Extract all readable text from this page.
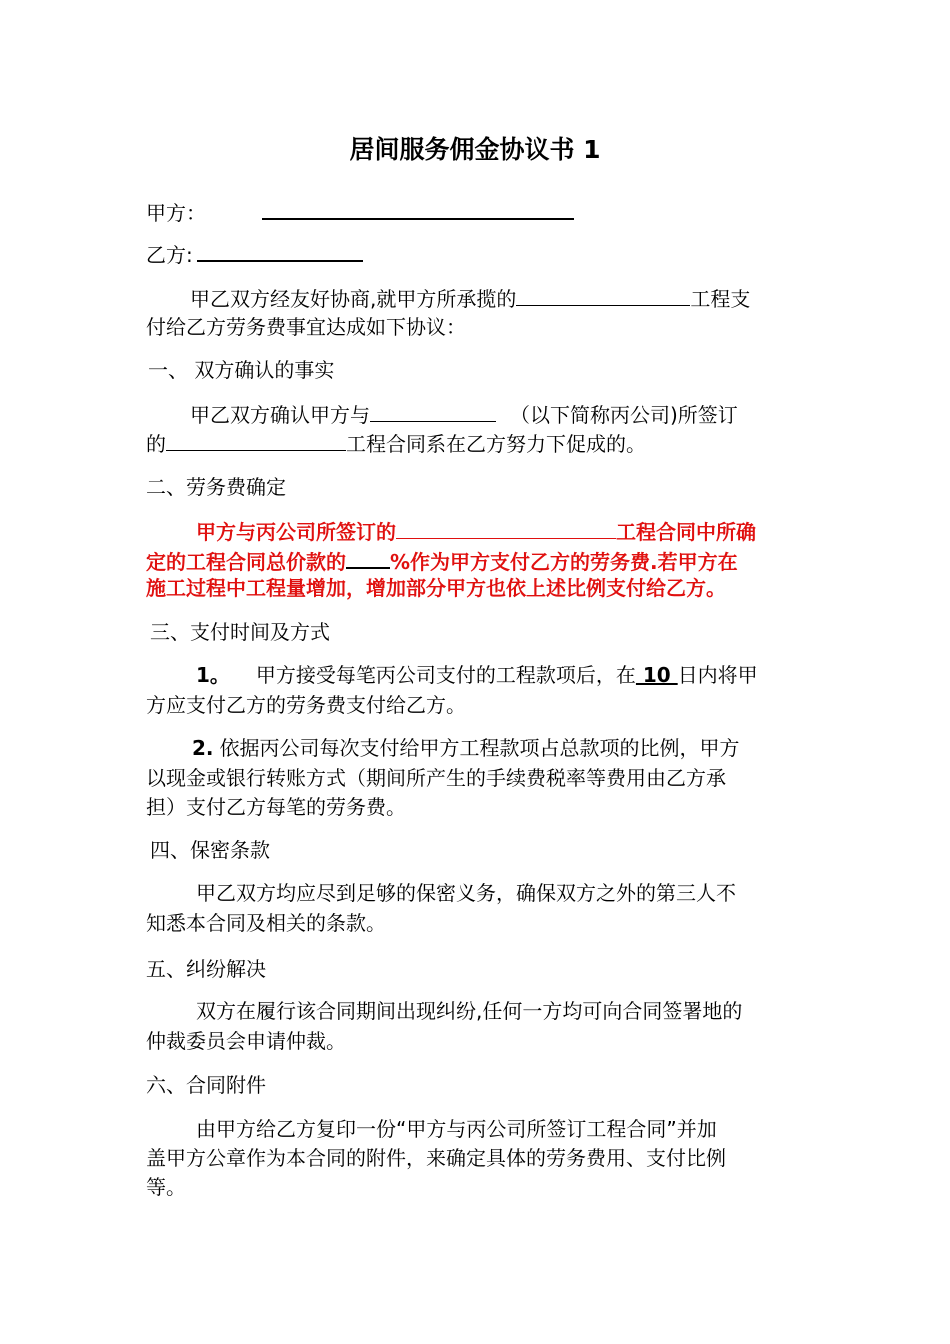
居间服务佣金协议书 1
甲方：
乙方:
甲乙双方经友好协商,就甲方所承揽的	工程支
付给乙方劳务费事宜达成如下协议：
一、 双方确认的事实
甲乙双方确认甲方与	（以下简称丙公司)所签订
的	工程合同系在乙方努力下促成的。
二、劳务费确定
甲方与丙公司所签订的	工程合同中所确
定的工程合同总价款的 %作为甲方支付乙方的劳务费.若甲方在
施工过程中工程量增加，增加部分甲方也依上述比例支付给乙方。
三、支付时间及方式
1。 甲方接受每笔丙公司支付的工程款项后，在 10 日内将甲
方应支付乙方的劳务费支付给乙方。
2. 依据丙公司每次支付给甲方工程款项占总款项的比例，甲方
以现金或银行转账方式（期间所产生的手续费税率等费用由乙方承
担）支付乙方每笔的劳务费。
四、保密条款
甲乙双方均应尽到足够的保密义务，确保双方之外的第三人不
知悉本合同及相关的条款。
五、纠纷解决
双方在履行该合同期间出现纠纷,任何一方均可向合同签署地的
仲裁委员会申请仲裁。
六、合同附件
由甲方给乙方复印一份“甲方与丙公司所签订工程合同”并加
盖甲方公章作为本合同的附件，来确定具体的劳务费用、支付比例
等。
